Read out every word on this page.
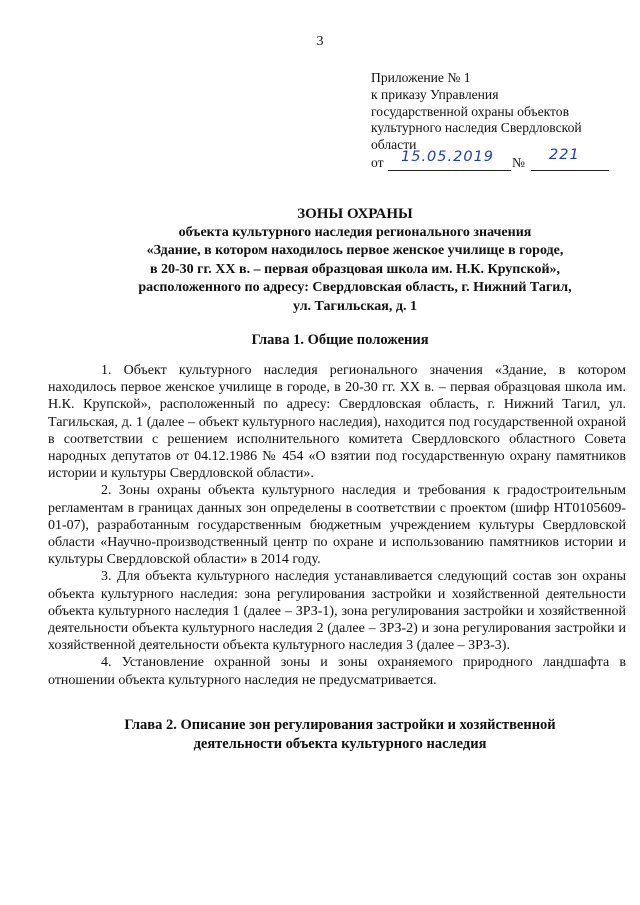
3
Приложение № 1
к приказу Управления
государственной охраны объектов
культурного наследия Свердловской
области
от 15.05.2019 № 221
ЗОНЫ ОХРАНЫ
объекта культурного наследия регионального значения
«Здание, в котором находилось первое женское училище в городе,
в 20-30 гг. XX в. – первая образцовая школа им. Н.К. Крупской»,
расположенного по адресу: Свердловская область, г. Нижний Тагил,
ул. Тагильская, д. 1
Глава 1. Общие положения

1. Объект культурного наследия регионального значения «Здание, в котором находилось первое женское училище в городе, в 20-30 гг. XX в. – первая образцовая школа им. Н.К. Крупской», расположенный по адресу: Свердловская область, г. Нижний Тагил, ул. Тагильская, д. 1 (далее – объект культурного наследия), находится под государственной охраной в соответствии с решением исполнительного комитета Свердловского областного Совета народных депутатов от 04.12.1986 № 454 «О взятии под государственную охрану памятников истории и культуры Свердловской области».

2. Зоны охраны объекта культурного наследия и требования к градостроительным регламентам в границах данных зон определены в соответствии с проектом (шифр НТ0105609-01-07), разработанным государственным бюджетным учреждением культуры Свердловской области «Научно-производственный центр по охране и использованию памятников истории и культуры Свердловской области» в 2014 году.

3. Для объекта культурного наследия устанавливается следующий состав зон охраны объекта культурного наследия: зона регулирования застройки и хозяйственной деятельности объекта культурного наследия 1 (далее – ЗРЗ-1), зона регулирования застройки и хозяйственной деятельности объекта культурного наследия 2 (далее – ЗРЗ-2) и зона регулирования застройки и хозяйственной деятельности объекта культурного наследия 3 (далее – ЗРЗ-3).

4. Установление охранной зоны и зоны охраняемого природного ландшафта в отношении объекта культурного наследия не предусматривается.

Глава 2. Описание зон регулирования застройки и хозяйственной
деятельности объекта культурного наследия
